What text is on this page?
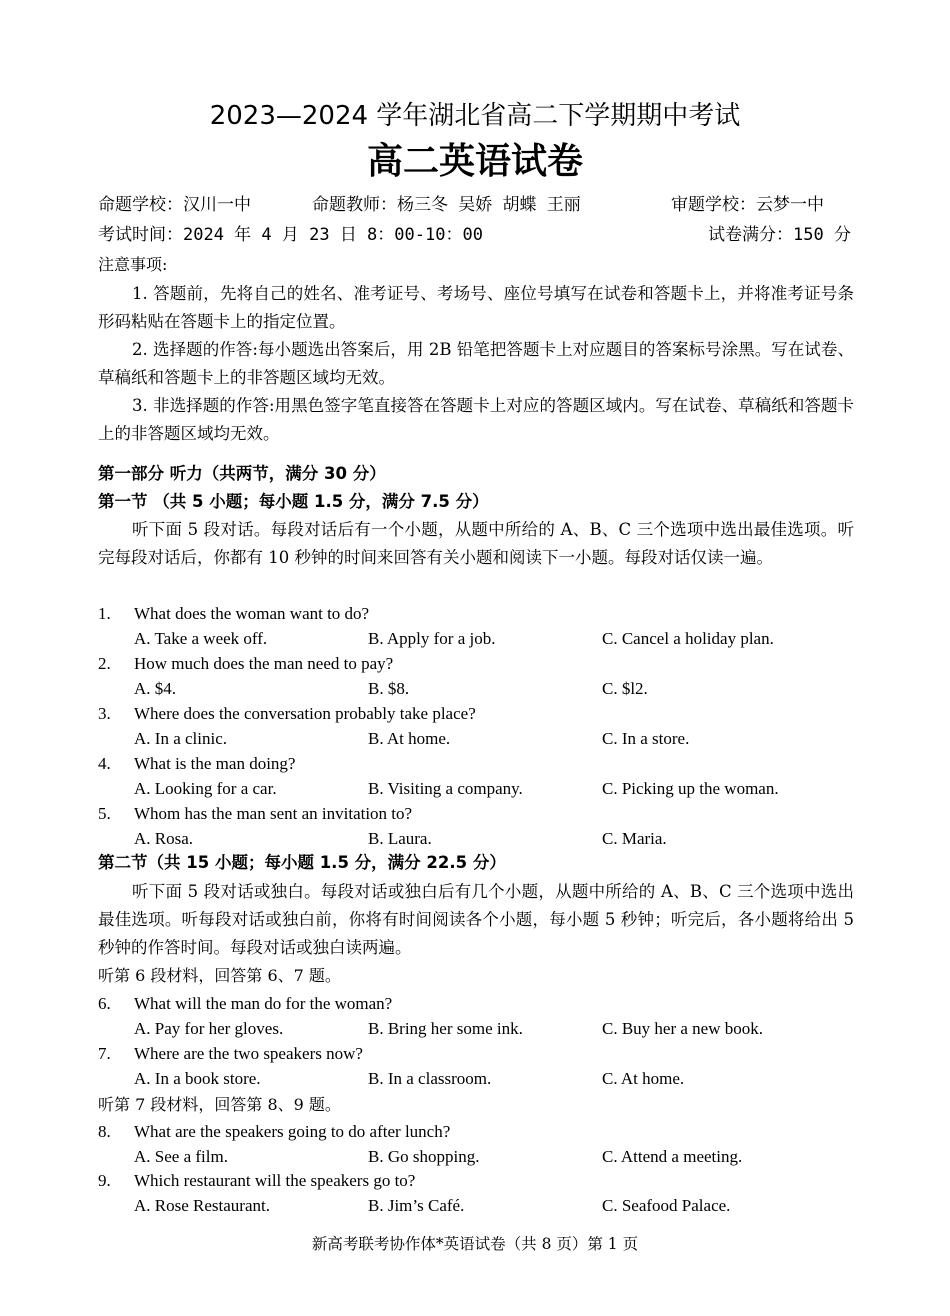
2023—2024 学年湖北省高二下学期期中考试
高二英语试卷
命题学校：汉川一中	命题教师：杨三冬 吴娇 胡蝶 王丽	审题学校：云梦一中
考试时间：2024 年 4 月 23 日 8：00-10：00	试卷满分：150 分
注意事项:
1. 答题前，先将自己的姓名、准考证号、考场号、座位号填写在试卷和答题卡上，并将准考证号条形码粘贴在答题卡上的指定位置。
2. 选择题的作答:每小题选出答案后，用 2B 铅笔把答题卡上对应题目的答案标号涂黑。写在试卷、草稿纸和答题卡上的非答题区域均无效。
3. 非选择题的作答:用黑色签字笔直接答在答题卡上对应的答题区域内。写在试卷、草稿纸和答题卡上的非答题区域均无效。
第一部分 听力（共两节，满分 30 分）
第一节 （共 5 小题；每小题 1.5 分，满分 7.5 分）
听下面 5 段对话。每段对话后有一个小题，从题中所给的 A、B、C 三个选项中选出最佳选项。听完每段对话后，你都有 10 秒钟的时间来回答有关小题和阅读下一小题。每段对话仅读一遍。
1. What does the woman want to do?
A. Take a week off.	B. Apply for a job.	C. Cancel a holiday plan.
2. How much does the man need to pay?
A. $4.	B. $8.	C. $l2.
3. Where does the conversation probably take place?
A. In a clinic.	B. At home.	C. In a store.
4. What is the man doing?
A. Looking for a car.	B. Visiting a company.	C. Picking up the woman.
5. Whom has the man sent an invitation to?
A. Rosa.	B. Laura.	C. Maria.
第二节（共 15 小题；每小题 1.5 分，满分 22.5 分）
听下面 5 段对话或独白。每段对话或独白后有几个小题，从题中所给的 A、B、C 三个选项中选出最佳选项。听每段对话或独白前，你将有时间阅读各个小题，每小题 5 秒钟；听完后，各小题将给出 5 秒钟的作答时间。每段对话或独白读两遍。
听第 6 段材料，回答第 6、7 题。
6. What will the man do for the woman?
A. Pay for her gloves.	B. Bring her some ink.	C. Buy her a new book.
7. Where are the two speakers now?
A. In a book store.	B. In a classroom.	C. At home.
听第 7 段材料，回答第 8、9 题。
8. What are the speakers going to do after lunch?
A. See a film.	B. Go shopping.	C. Attend a meeting.
9. Which restaurant will the speakers go to?
A. Rose Restaurant.	B. Jim’s Café.	C. Seafood Palace.
新高考联考协作体*英语试卷（共 8 页）第 1 页
